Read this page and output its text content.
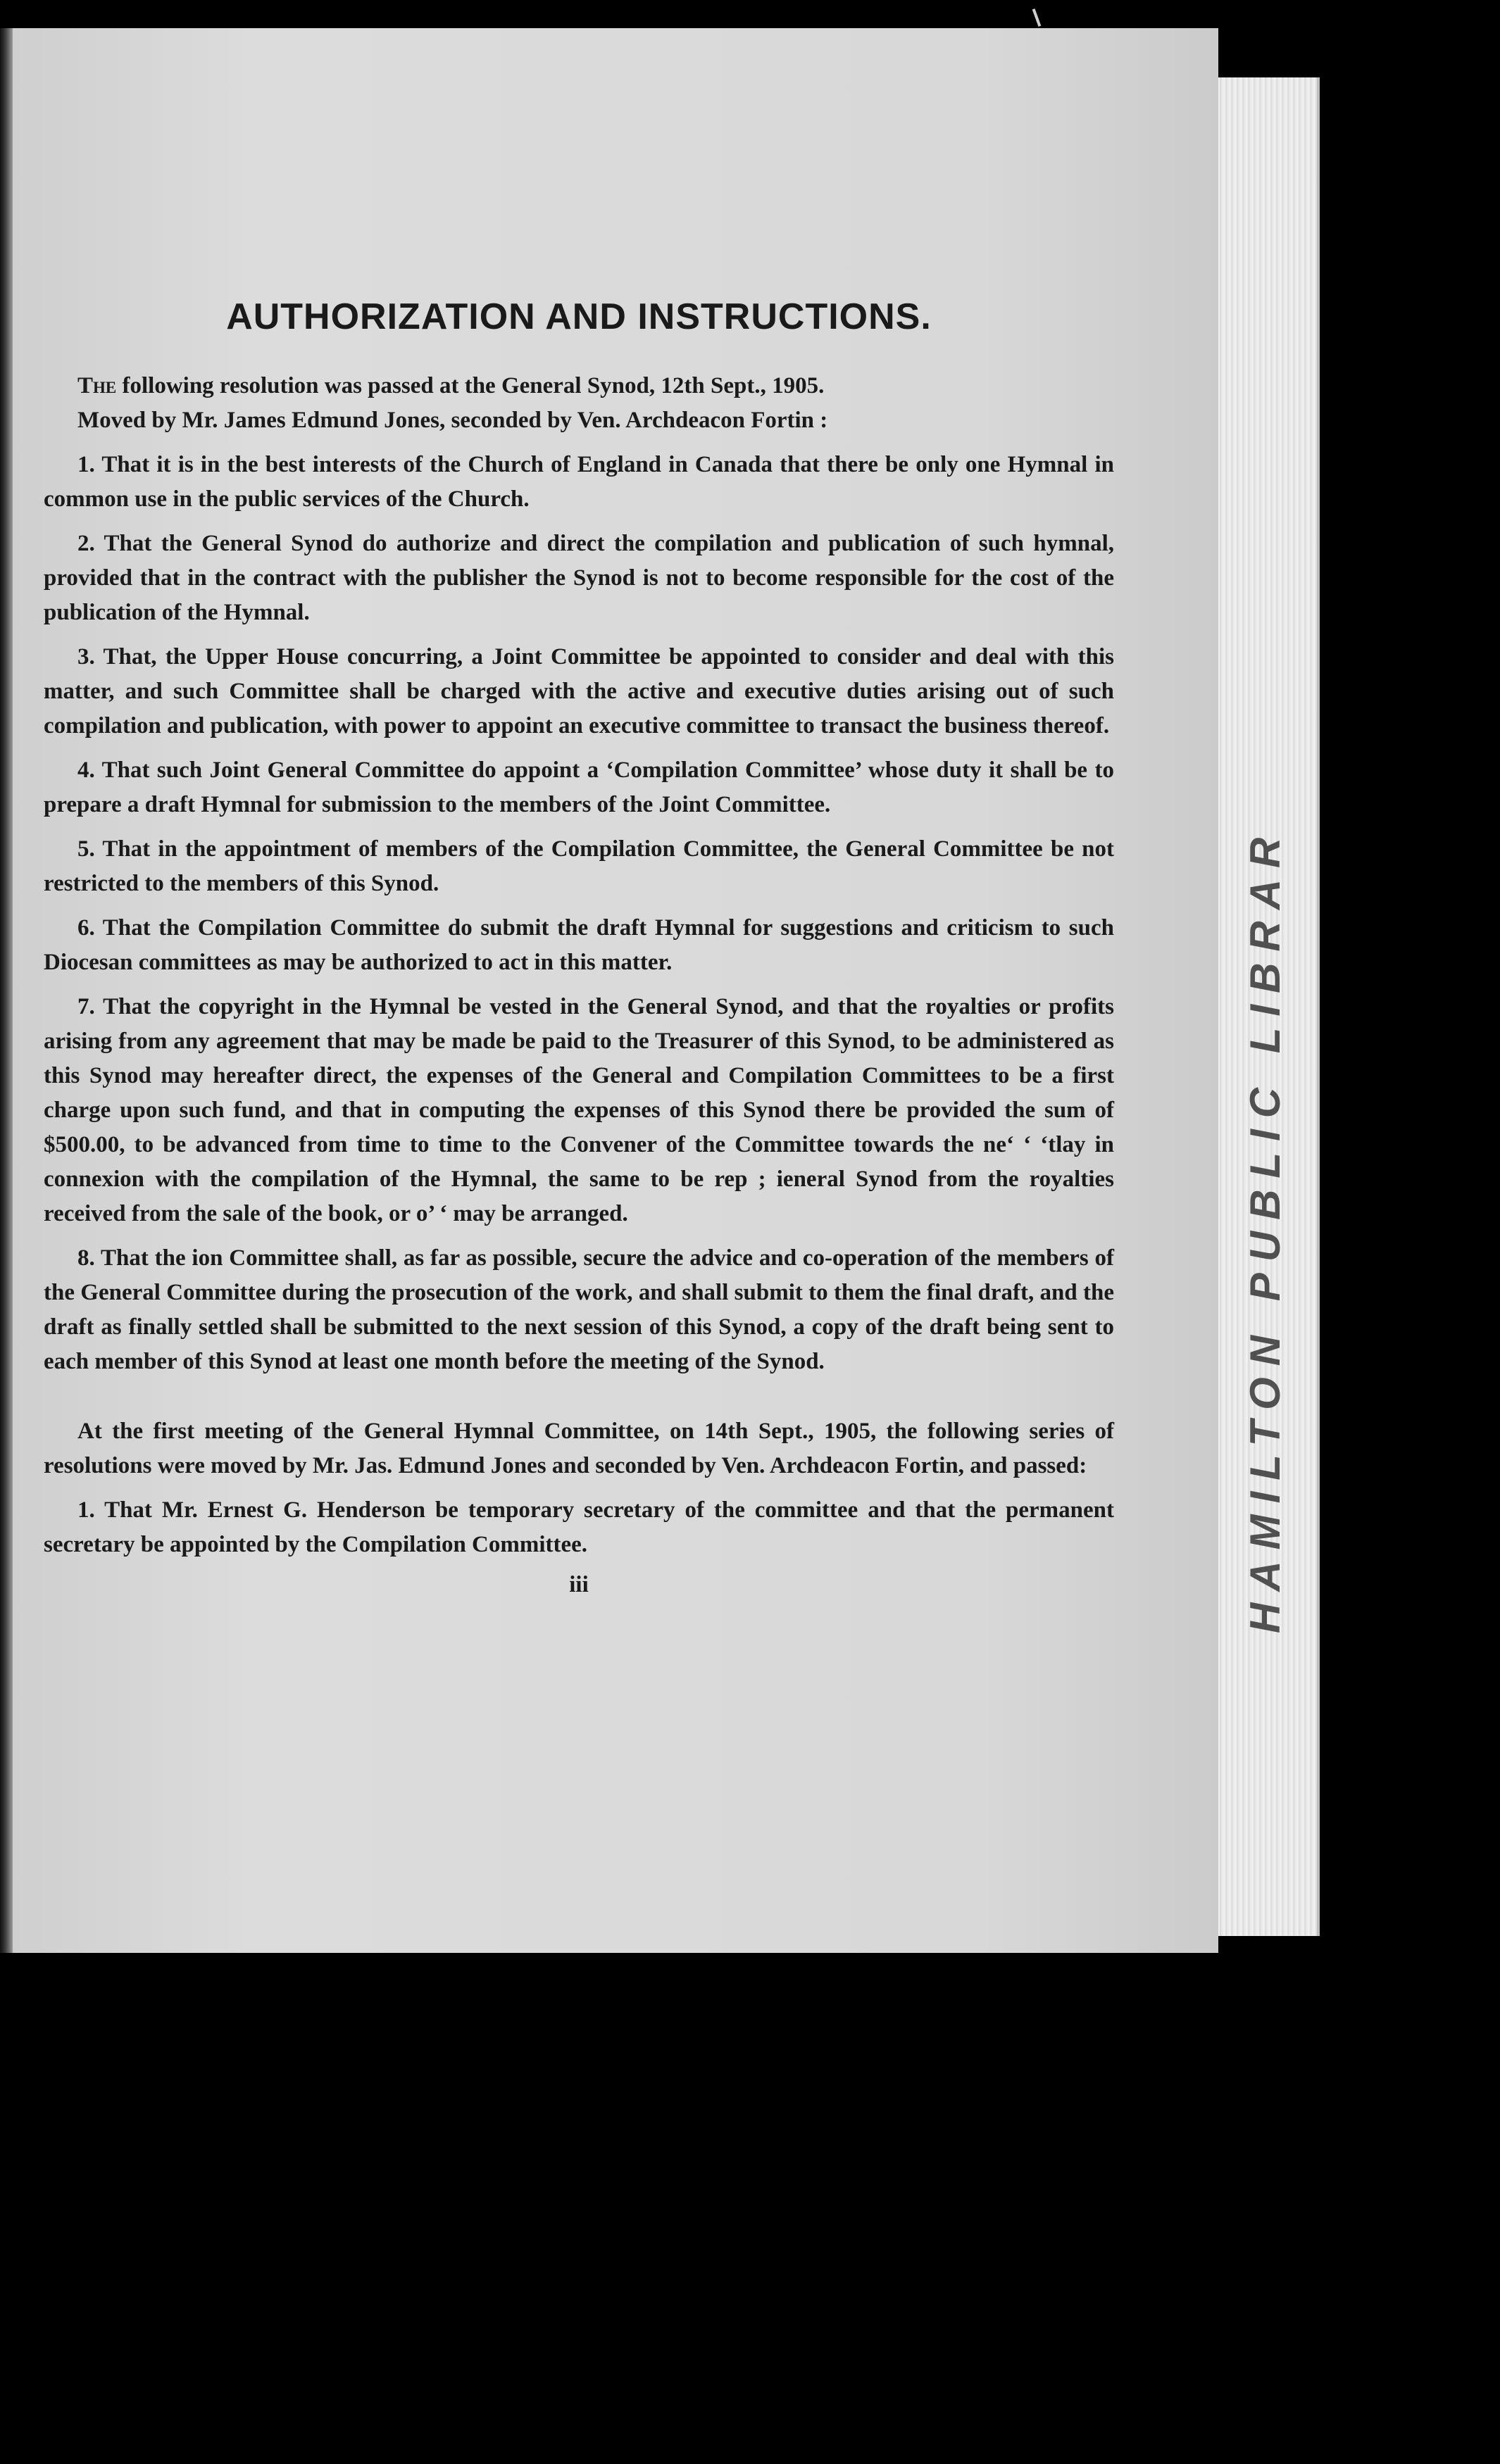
HAMILTON PUBLIC LIBRAR
AUTHORIZATION AND INSTRUCTIONS.

The following resolution was passed at the General Synod, 12th Sept., 1905.

Moved by Mr. James Edmund Jones, seconded by Ven. Archdeacon Fortin :

1. That it is in the best interests of the Church of England in Canada that there be only one Hymnal in common use in the public services of the Church.

2. That the General Synod do authorize and direct the compilation and publication of such hymnal, provided that in the contract with the publisher the Synod is not to become responsible for the cost of the publication of the Hymnal.

3. That, the Upper House concurring, a Joint Committee be appointed to consider and deal with this matter, and such Committee shall be charged with the active and executive duties arising out of such compilation and publication, with power to appoint an executive committee to transact the business thereof.

4. That such Joint General Committee do appoint a ‘Compilation Committee’ whose duty it shall be to prepare a draft Hymnal for submission to the members of the Joint Committee.

5. That in the appointment of members of the Compilation Committee, the General Committee be not restricted to the members of this Synod.

6. That the Compilation Committee do submit the draft Hymnal for suggestions and criticism to such Diocesan committees as may be authorized to act in this matter.

7. That the copyright in the Hymnal be vested in the General Synod, and that the royalties or profits arising from any agreement that may be made be paid to the Treasurer of this Synod, to be administered as this Synod may hereafter direct, the expenses of the General and Compilation Committees to be a first charge upon such fund, and that in computing the expenses of this Synod there be provided the sum of $500.00, to be advanced from time to time to the Convener of the Committee towards the ne‘ ‘ ‘tlay in connexion with the compilation of the Hymnal, the same to be rep ; ieneral Synod from the royalties received from the sale of the book, or o’ ‘ may be arranged.

8. That the ion Committee shall, as far as possible, secure the advice and co-operation of the members of the General Committee during the prosecution of the work, and shall submit to them the final draft, and the draft as finally settled shall be submitted to the next session of this Synod, a copy of the draft being sent to each member of this Synod at least one month before the meeting of the Synod.

At the first meeting of the General Hymnal Committee, on 14th Sept., 1905, the following series of resolutions were moved by Mr. Jas. Edmund Jones and seconded by Ven. Archdeacon Fortin, and passed:

1. That Mr. Ernest G. Henderson be temporary secretary of the committee and that the permanent secretary be appointed by the Compilation Committee.

iii
